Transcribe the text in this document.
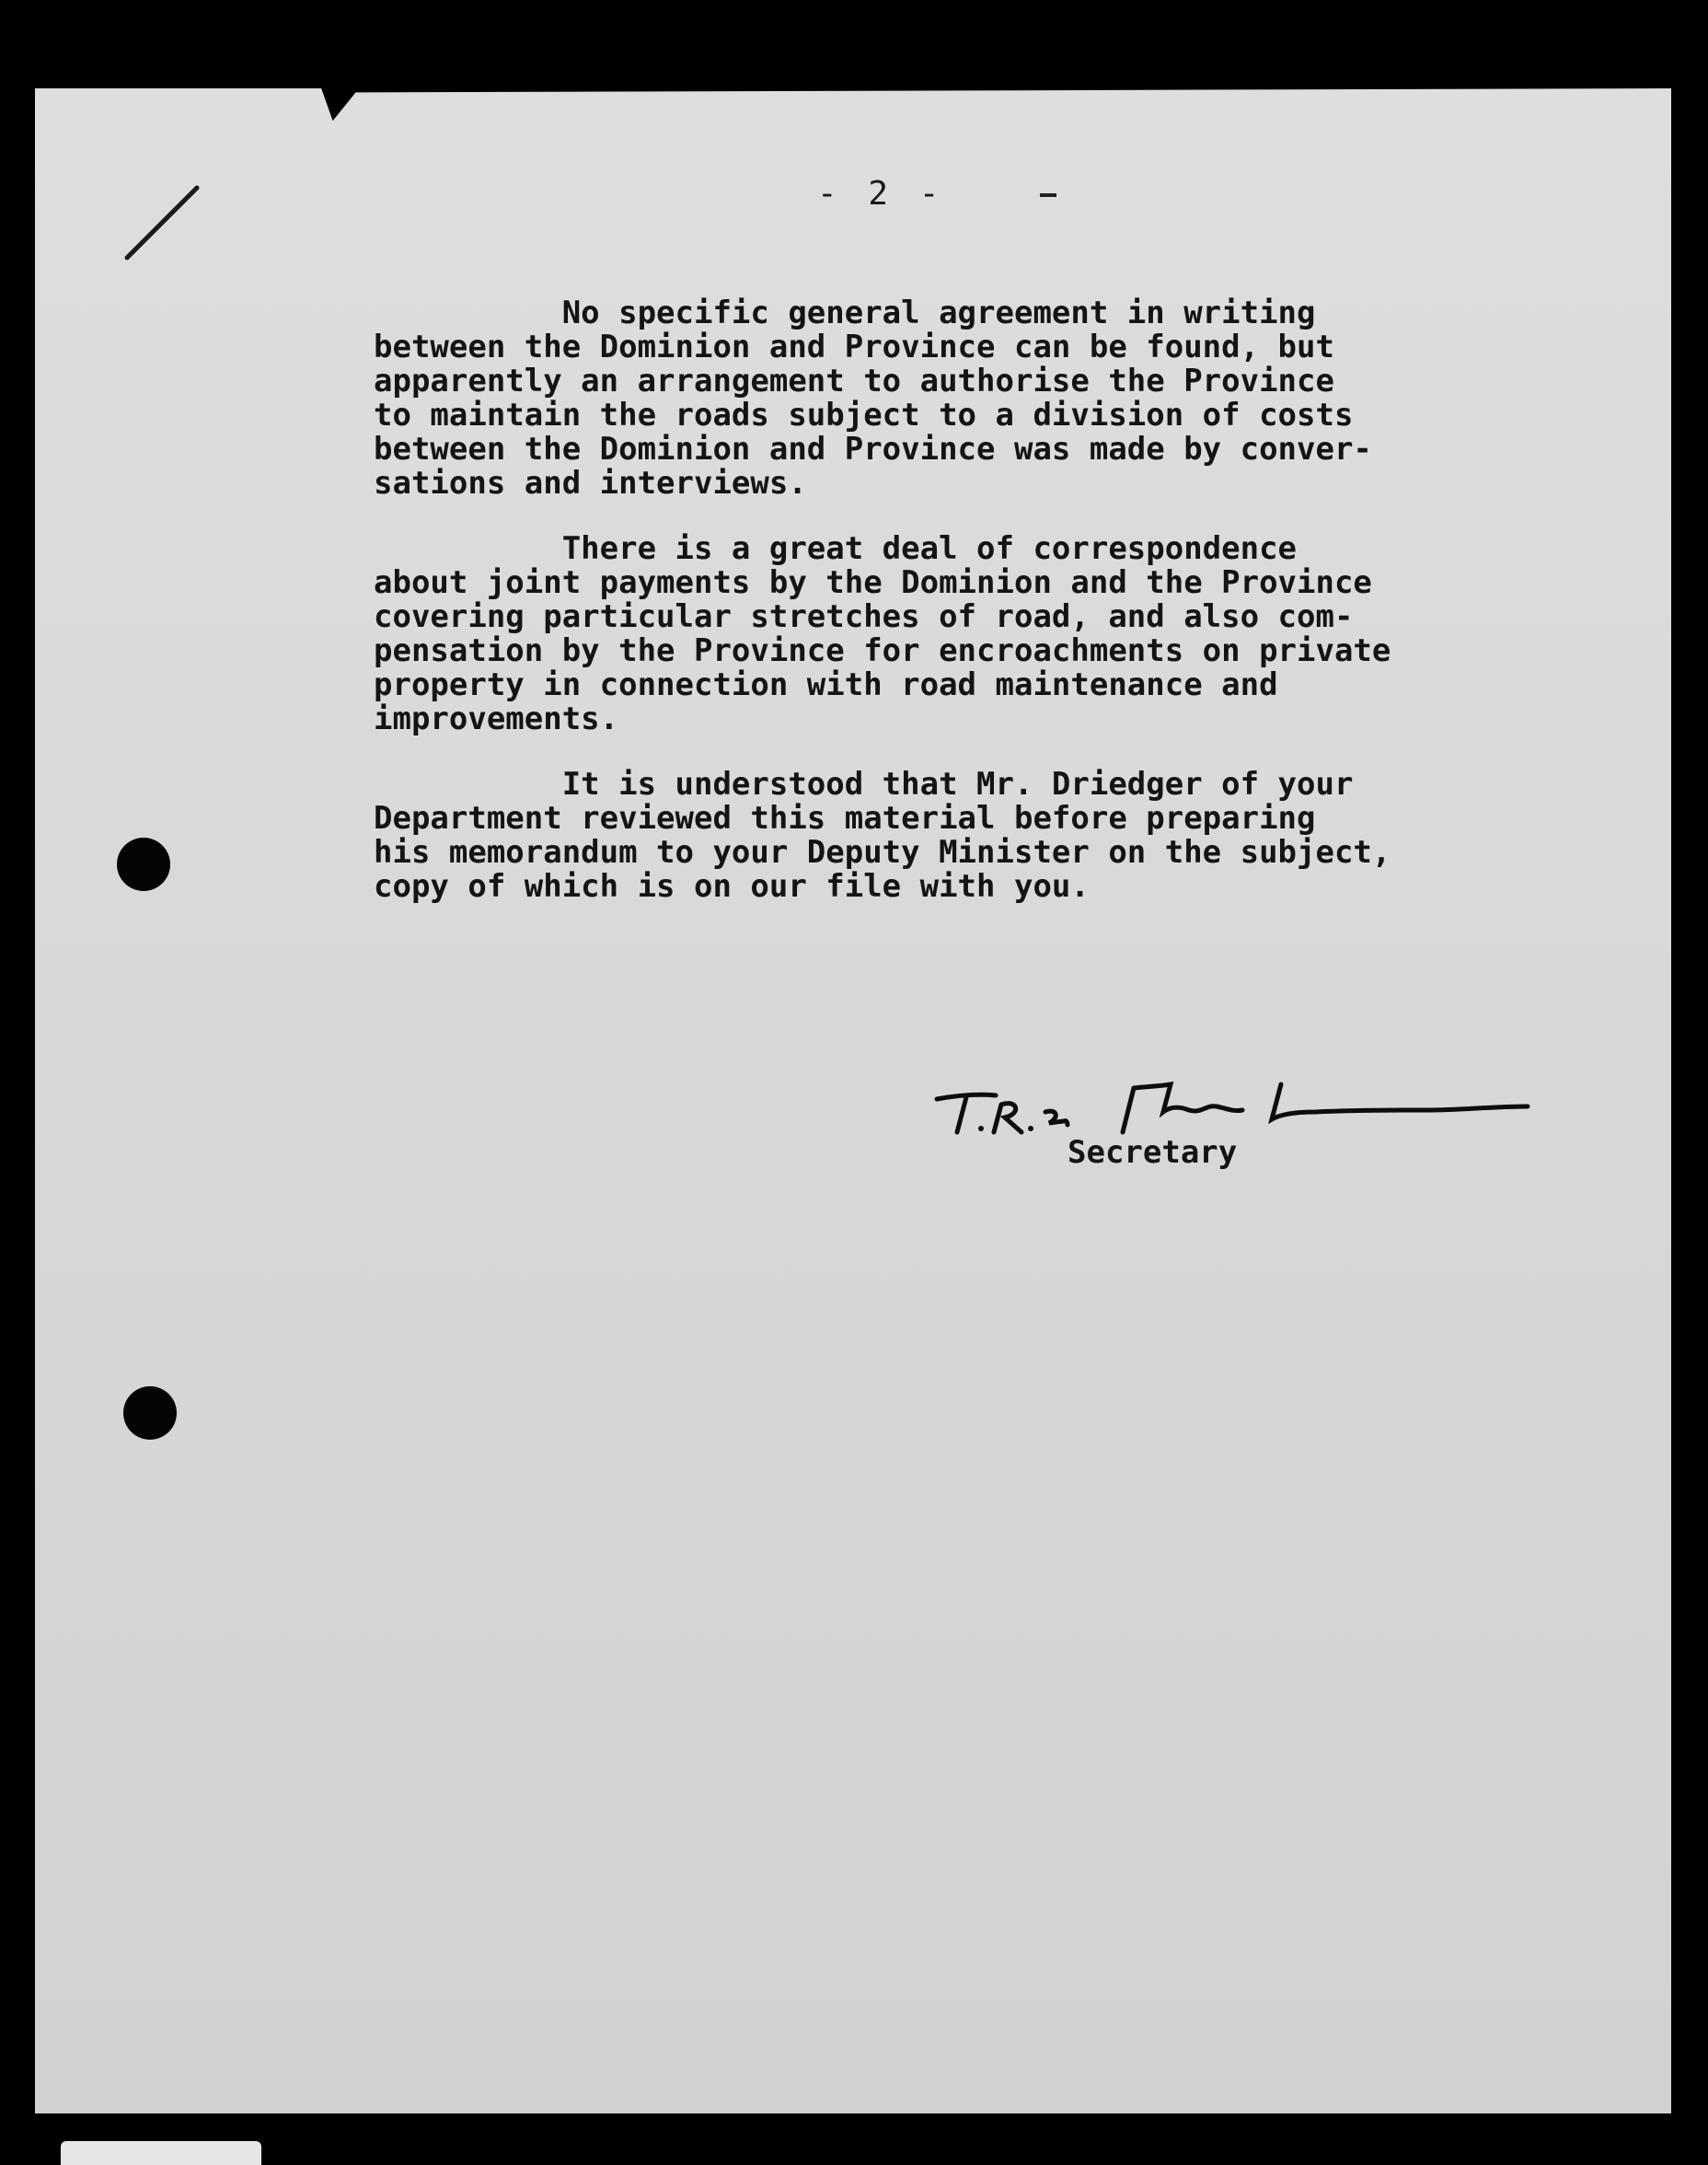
- 2 -

No specific general agreement in writing
between the Dominion and Province can be found, but
apparently an arrangement to authorise the Province
to maintain the roads subject to a division of costs
between the Dominion and Province was made by conver-
sations and interviews.

There is a great deal of correspondence
about joint payments by the Dominion and the Province
covering particular stretches of road, and also com-
pensation by the Province for encroachments on private
property in connection with road maintenance and
improvements.

It is understood that Mr. Driedger of your
Department reviewed this material before preparing
his memorandum to your Deputy Minister on the subject,
copy of which is on our file with you.

Secretary
